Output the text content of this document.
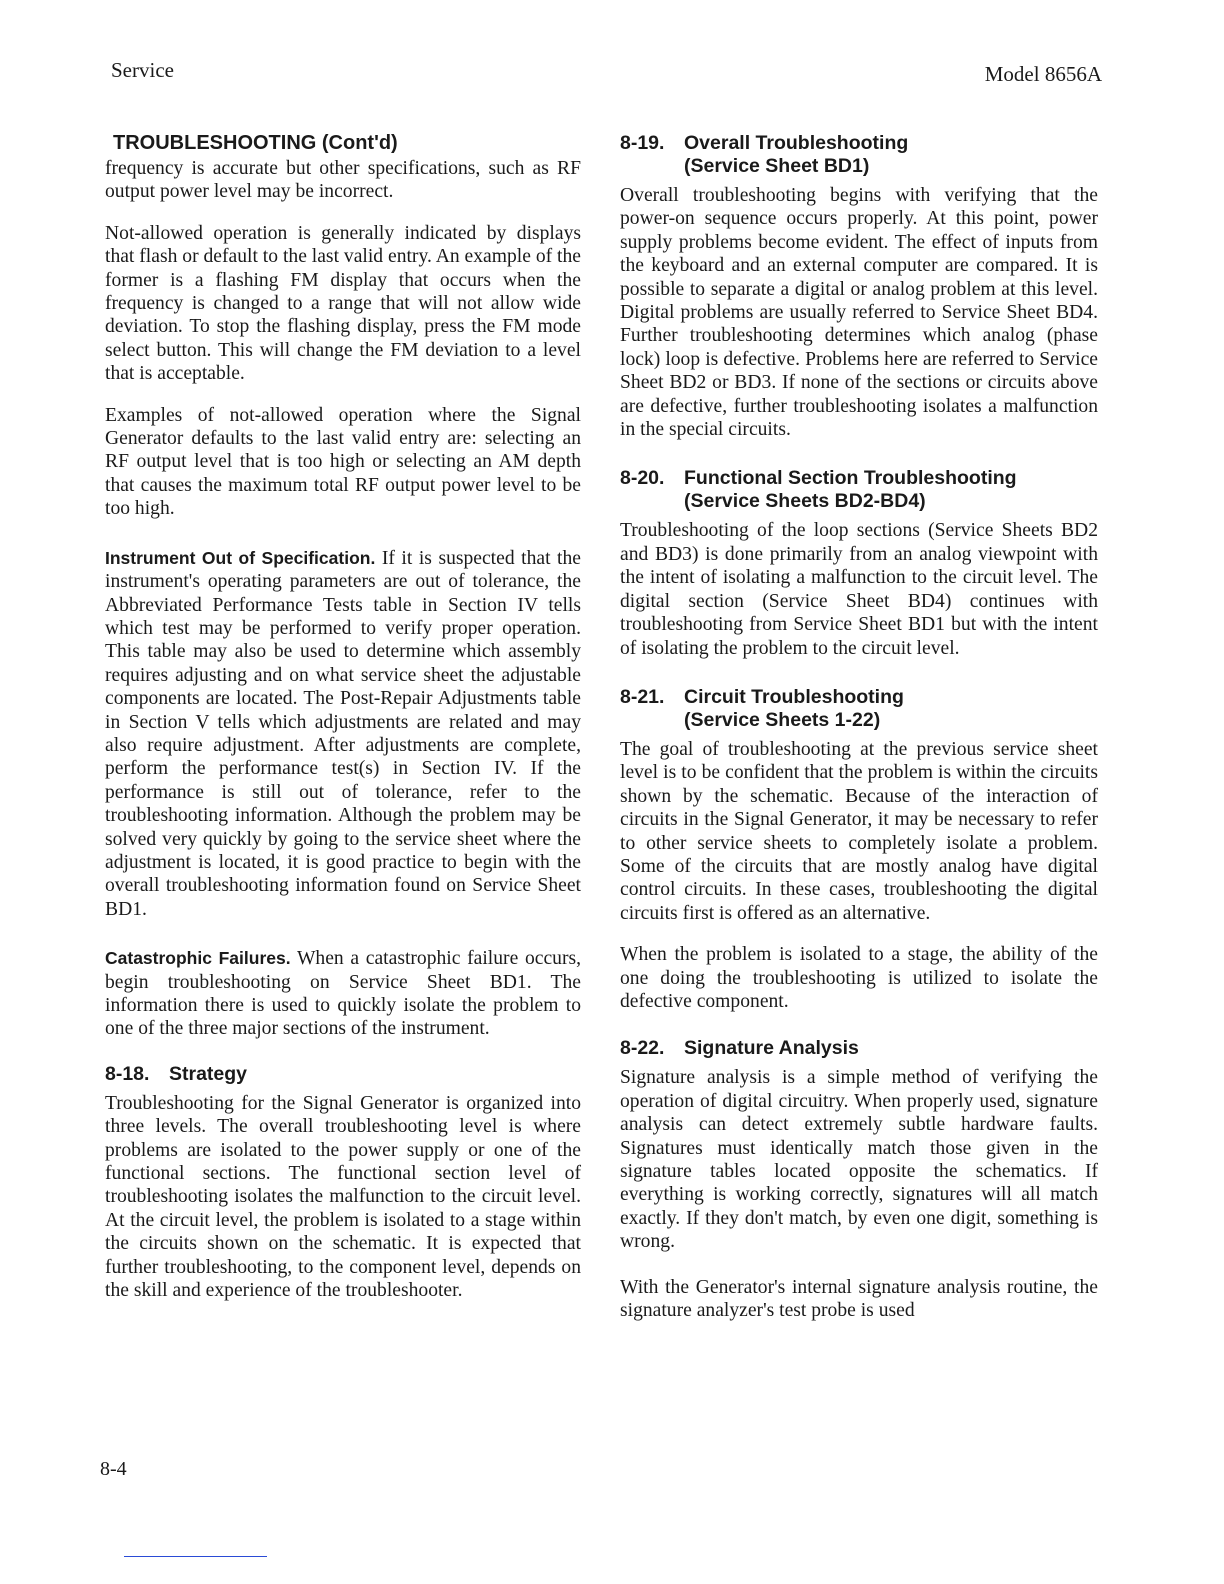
Service	Model 8656A
TROUBLESHOOTING (Cont'd)

frequency is accurate but other specifications, such as RF output power level may be incorrect.

Not-allowed operation is generally indicated by displays that flash or default to the last valid entry. An example of the former is a flashing FM display that occurs when the frequency is changed to a range that will not allow wide deviation. To stop the flashing display, press the FM mode select button. This will change the FM deviation to a level that is acceptable.

Examples of not-allowed operation where the Signal Generator defaults to the last valid entry are: selecting an RF output level that is too high or selecting an AM depth that causes the maximum total RF output power level to be too high.

Instrument Out of Specification. If it is suspected that the instrument's operating parameters are out of tolerance, the Abbreviated Performance Tests table in Section IV tells which test may be performed to verify proper operation. This table may also be used to determine which assembly requires adjusting and on what service sheet the adjustable components are located. The Post-Repair Adjustments table in Section V tells which adjustments are related and may also require adjustment. After adjustments are complete, perform the performance test(s) in Section IV. If the performance is still out of tolerance, refer to the troubleshooting information. Although the problem may be solved very quickly by going to the service sheet where the adjustment is located, it is good practice to begin with the overall troubleshooting information found on Service Sheet BD1.

Catastrophic Failures. When a catastrophic failure occurs, begin troubleshooting on Service Sheet BD1. The information there is used to quickly isolate the problem to one of the three major sections of the instrument.

8-18. Strategy

Troubleshooting for the Signal Generator is organized into three levels. The overall troubleshooting level is where problems are isolated to the power supply or one of the functional sections. The functional section level of troubleshooting isolates the malfunction to the circuit level. At the circuit level, the problem is isolated to a stage within the circuits shown on the schematic. It is expected that further troubleshooting, to the component level, depends on the skill and experience of the troubleshooter.

8-19. Overall Troubleshooting
(Service Sheet BD1)

Overall troubleshooting begins with verifying that the power-on sequence occurs properly. At this point, power supply problems become evident. The effect of inputs from the keyboard and an external computer are compared. It is possible to separate a digital or analog problem at this level. Digital problems are usually referred to Service Sheet BD4. Further troubleshooting determines which analog (phase lock) loop is defective. Problems here are referred to Service Sheet BD2 or BD3. If none of the sections or circuits above are defective, further troubleshooting isolates a malfunction in the special circuits.

8-20. Functional Section Troubleshooting
(Service Sheets BD2-BD4)

Troubleshooting of the loop sections (Service Sheets BD2 and BD3) is done primarily from an analog viewpoint with the intent of isolating a malfunction to the circuit level. The digital section (Service Sheet BD4) continues with troubleshooting from Service Sheet BD1 but with the intent of isolating the problem to the circuit level.

8-21. Circuit Troubleshooting
(Service Sheets 1-22)

The goal of troubleshooting at the previous service sheet level is to be confident that the problem is within the circuits shown by the schematic. Because of the interaction of circuits in the Signal Generator, it may be necessary to refer to other service sheets to completely isolate a problem. Some of the circuits that are mostly analog have digital control circuits. In these cases, troubleshooting the digital circuits first is offered as an alternative.

When the problem is isolated to a stage, the ability of the one doing the troubleshooting is utilized to isolate the defective component.

8-22. Signature Analysis

Signature analysis is a simple method of verifying the operation of digital circuitry. When properly used, signature analysis can detect extremely subtle hardware faults. Signatures must identically match those given in the signature tables located opposite the schematics. If everything is working correctly, signatures will all match exactly. If they don't match, by even one digit, something is wrong.

With the Generator's internal signature analysis routine, the signature analyzer's test probe is used

8-4
